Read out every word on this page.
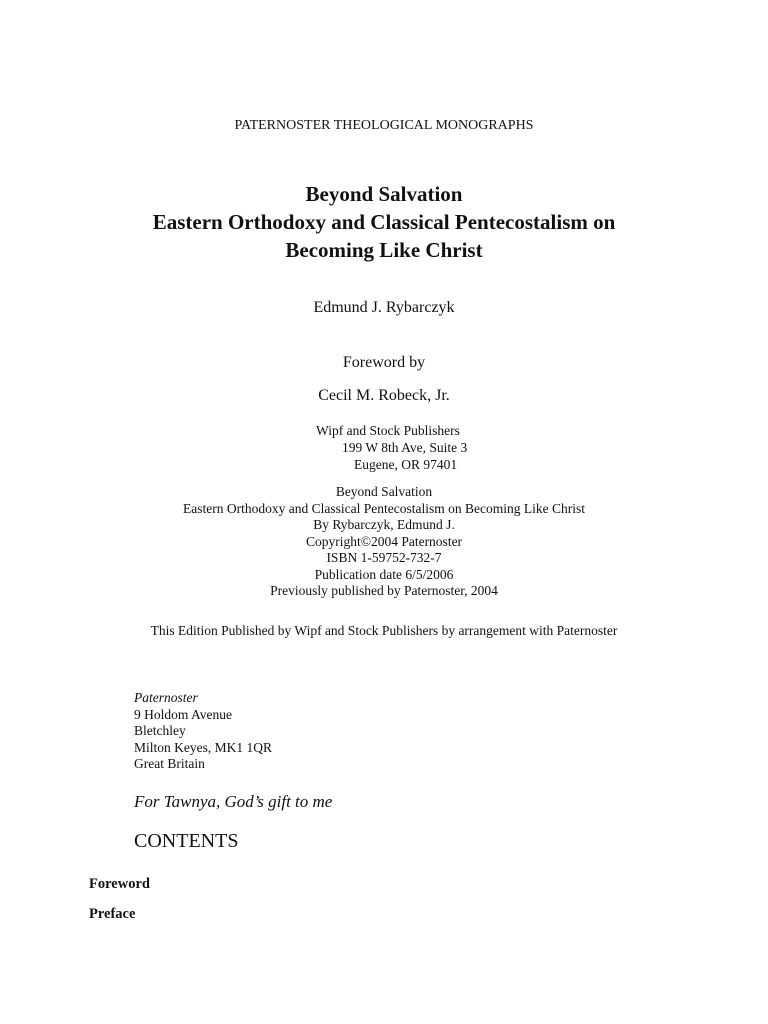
PATERNOSTER THEOLOGICAL MONOGRAPHS
Beyond Salvation
Eastern Orthodoxy and Classical Pentecostalism on
Becoming Like Christ
Edmund J. Rybarczyk
Foreword by
Cecil M. Robeck, Jr.
Wipf and Stock Publishers
199 W 8th Ave, Suite 3
Eugene, OR 97401
Beyond Salvation
Eastern Orthodoxy and Classical Pentecostalism on Becoming Like Christ
By Rybarczyk, Edmund J.
Copyright©2004 Paternoster
ISBN 1-59752-732-7
Publication date 6/5/2006
Previously published by Paternoster, 2004
This Edition Published by Wipf and Stock Publishers by arrangement with Paternoster
Paternoster
9 Holdom Avenue
Bletchley
Milton Keyes, MK1 1QR
Great Britain
For Tawnya, God’s gift to me
CONTENTS
Foreword
Preface
